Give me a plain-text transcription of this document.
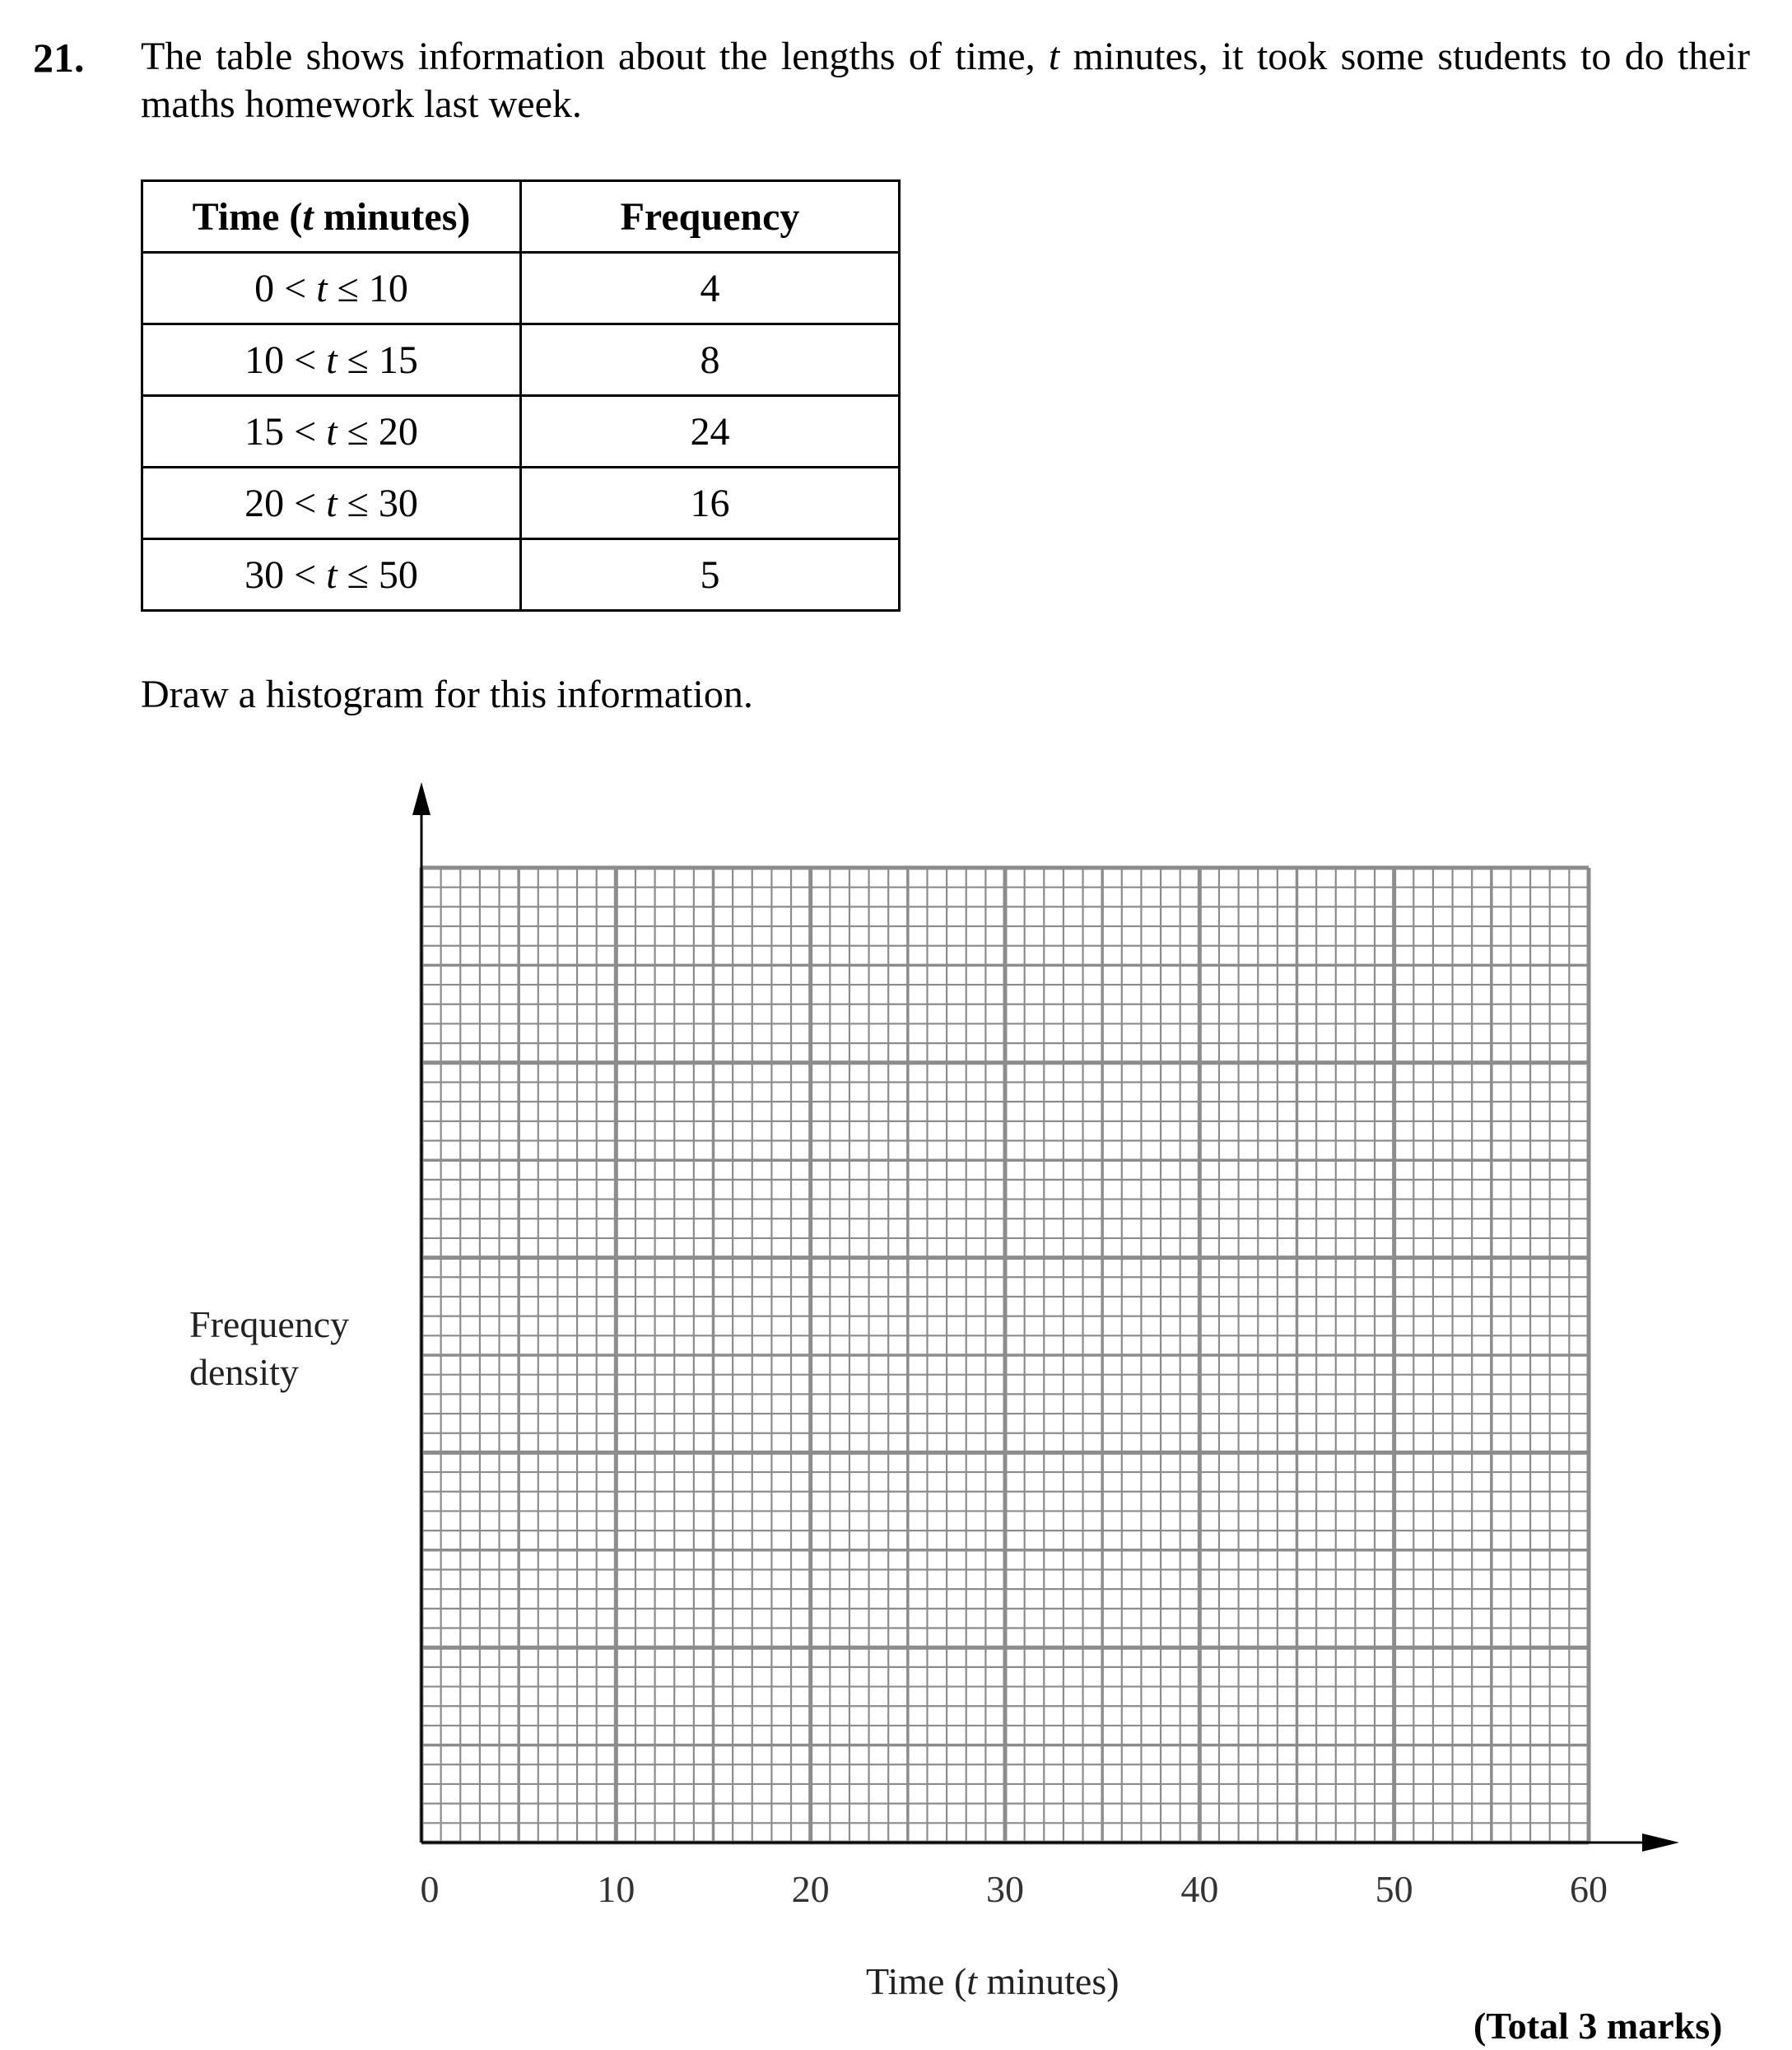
21. The table shows information about the lengths of time, t minutes, it took some students to do their maths homework last week.
Time (t minutes)	Frequency
0 < t ≤ 10	4
10 < t ≤ 15	8
15 < t ≤ 20	24
20 < t ≤ 30	16
30 < t ≤ 50	5
Draw a histogram for this information.
0	10	20	30	40	50	60
Frequency
density
Time (t minutes)
(Total 3 marks)
